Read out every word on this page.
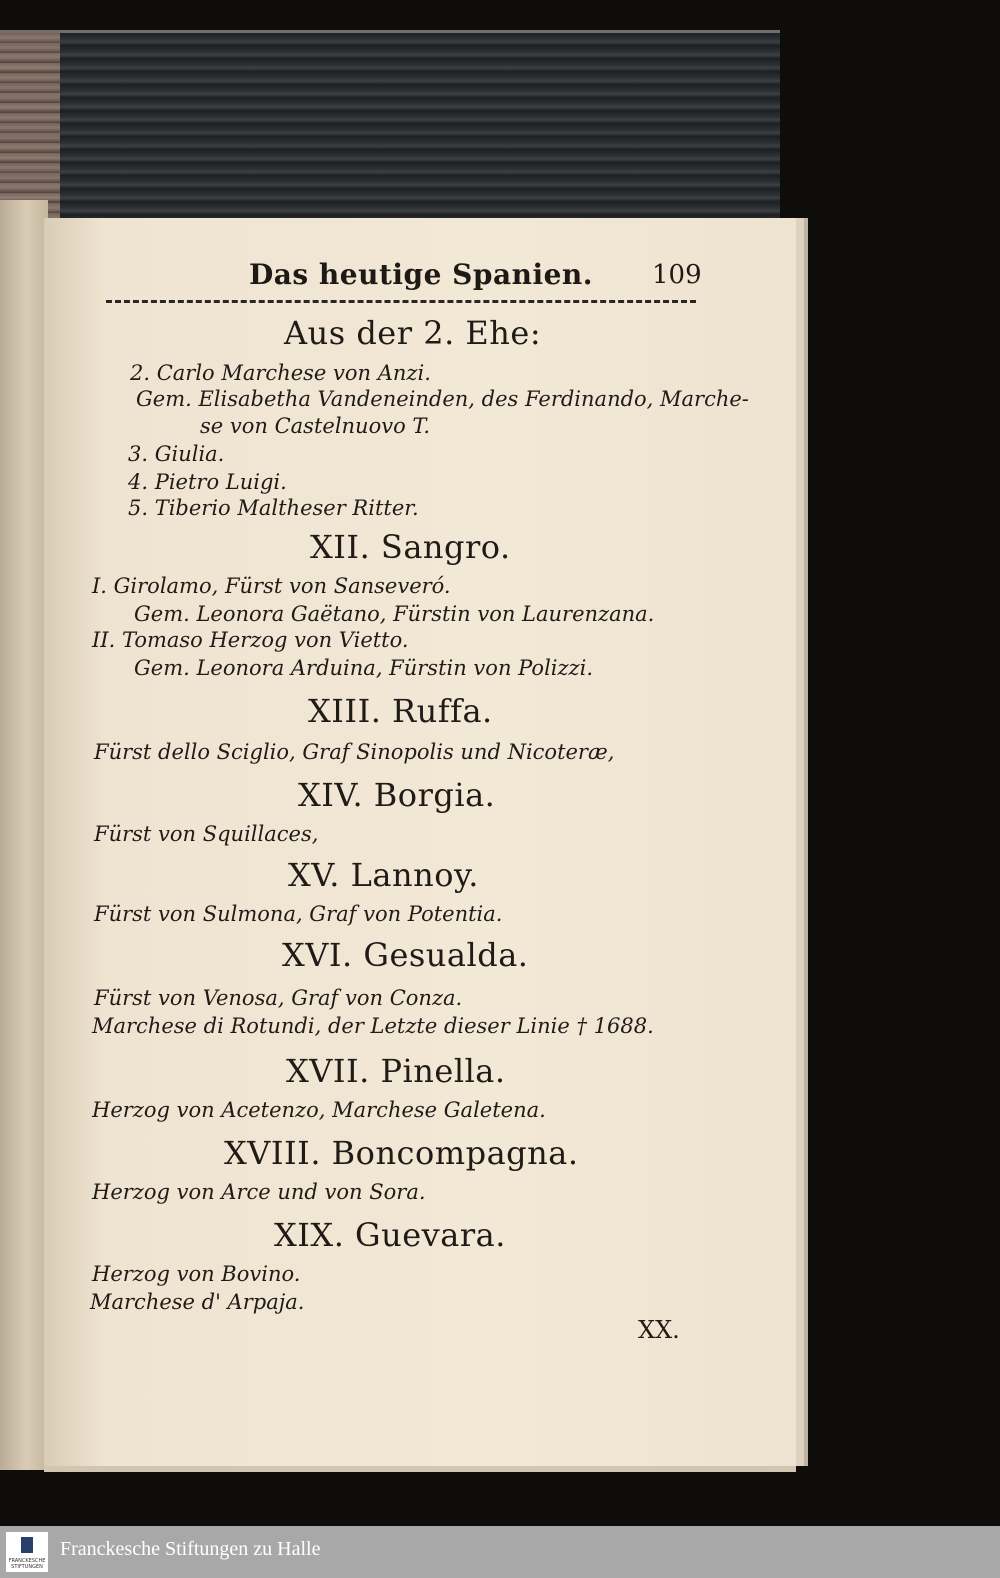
Das heutige Spanien. 109
Aus der 2. Ehe:
2. Carlo Marchese von Anzi.
Gem. Elisabetha Vandeneinden, des Ferdinando, Marche-
se von Castelnuovo T.
3. Giulia.
4. Pietro Luigi.
5. Tiberio Maltheser Ritter.
XII. Sangro.
I. Girolamo, Fürst von Sanseveró.
Gem. Leonora Gaëtano, Fürstin von Laurenzana.
II. Tomaso Herzog von Vietto.
Gem. Leonora Arduina, Fürstin von Polizzi.
XIII. Ruffa.
Fürst dello Sciglio, Graf Sinopolis und Nicoteræ,
XIV. Borgia.
Fürst von Squillaces,
XV. Lannoy.
Fürst von Sulmona, Graf von Potentia.
XVI. Gesualda.
Fürst von Venosa, Graf von Conza.
Marchese di Rotundi, der Letzte dieser Linie † 1688.
XVII. Pinella.
Herzog von Acetenzo, Marchese Galetena.
XVIII. Boncompagna.
Herzog von Arce und von Sora.
XIX. Guevara.
Herzog von Bovino.
Marchese d' Arpaja.
XX.
FRANCKESCHE STIFTUNGEN
Franckesche Stiftungen zu Halle
